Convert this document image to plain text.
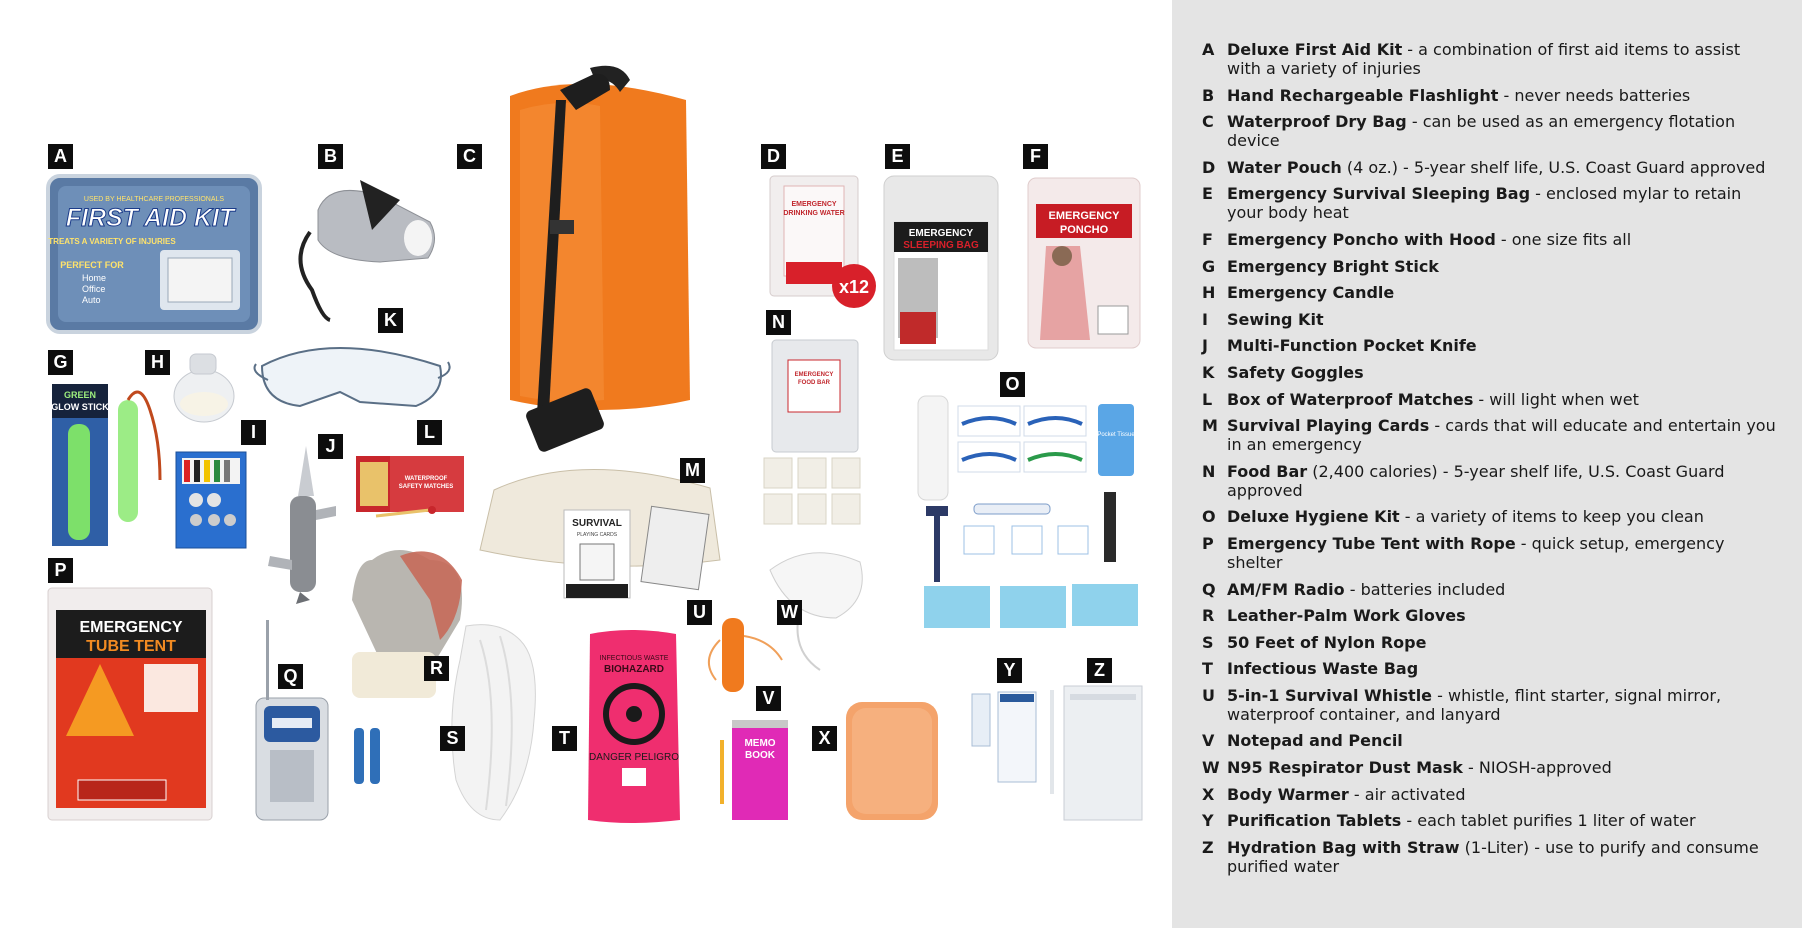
USED BY HEALTHCARE PROFESSIONALS
FIRST AID KIT
TREATS A VARIETY OF INJURIES
PERFECT FOR
Home
Office
Auto
EMERGENCY
DRINKING WATER
x12
EMERGENCY
SLEEPING BAG
EMERGENCY
PONCHO
GREEN
GLOW STICK
WATERPROOF
SAFETY MATCHES
SURVIVAL
PLAYING CARDS
EMERGENCY
FOOD BAR
Pocket Tissue
EMERGENCY
TUBE TENT
INFECTIOUS WASTE
BIOHAZARD
DANGER PELIGRO
MEMO
BOOK
A	B	C	D	E	F
G	H
I
J
K
L
M
N
O
P
Q	R
S	T
U
V
W
X
Y	Z
A Deluxe First Aid Kit - a combination of first aid items to assist with a variety of injuries
B Hand Rechargeable Flashlight - never needs batteries
C Waterproof Dry Bag - can be used as an emergency flotation device
D Water Pouch (4 oz.) - 5-year shelf life, U.S. Coast Guard approved
E Emergency Survival Sleeping Bag - enclosed mylar to retain your body heat
F Emergency Poncho with Hood - one size fits all
G Emergency Bright Stick
H Emergency Candle
I	Sewing Kit
J	Multi-Function Pocket Knife
K Safety Goggles
L Box of Waterproof Matches - will light when wet
M Survival Playing Cards - cards that will educate and entertain you in an emergency
N Food Bar (2,400 calories) - 5-year shelf life, U.S. Coast Guard approved
O Deluxe Hygiene Kit - a variety of items to keep you clean
P Emergency Tube Tent with Rope - quick setup, emergency shelter
Q AM/FM Radio - batteries included
R Leather-Palm Work Gloves
S 50 Feet of Nylon Rope
T Infectious Waste Bag
U 5-in-1 Survival Whistle - whistle, flint starter, signal mirror, waterproof container, and lanyard
V Notepad and Pencil
W N95 Respirator Dust Mask - NIOSH-approved
X Body Warmer - air activated
Y Purification Tablets - each tablet purifies 1 liter of water
Z Hydration Bag with Straw (1-Liter) - use to purify and consume purified water
